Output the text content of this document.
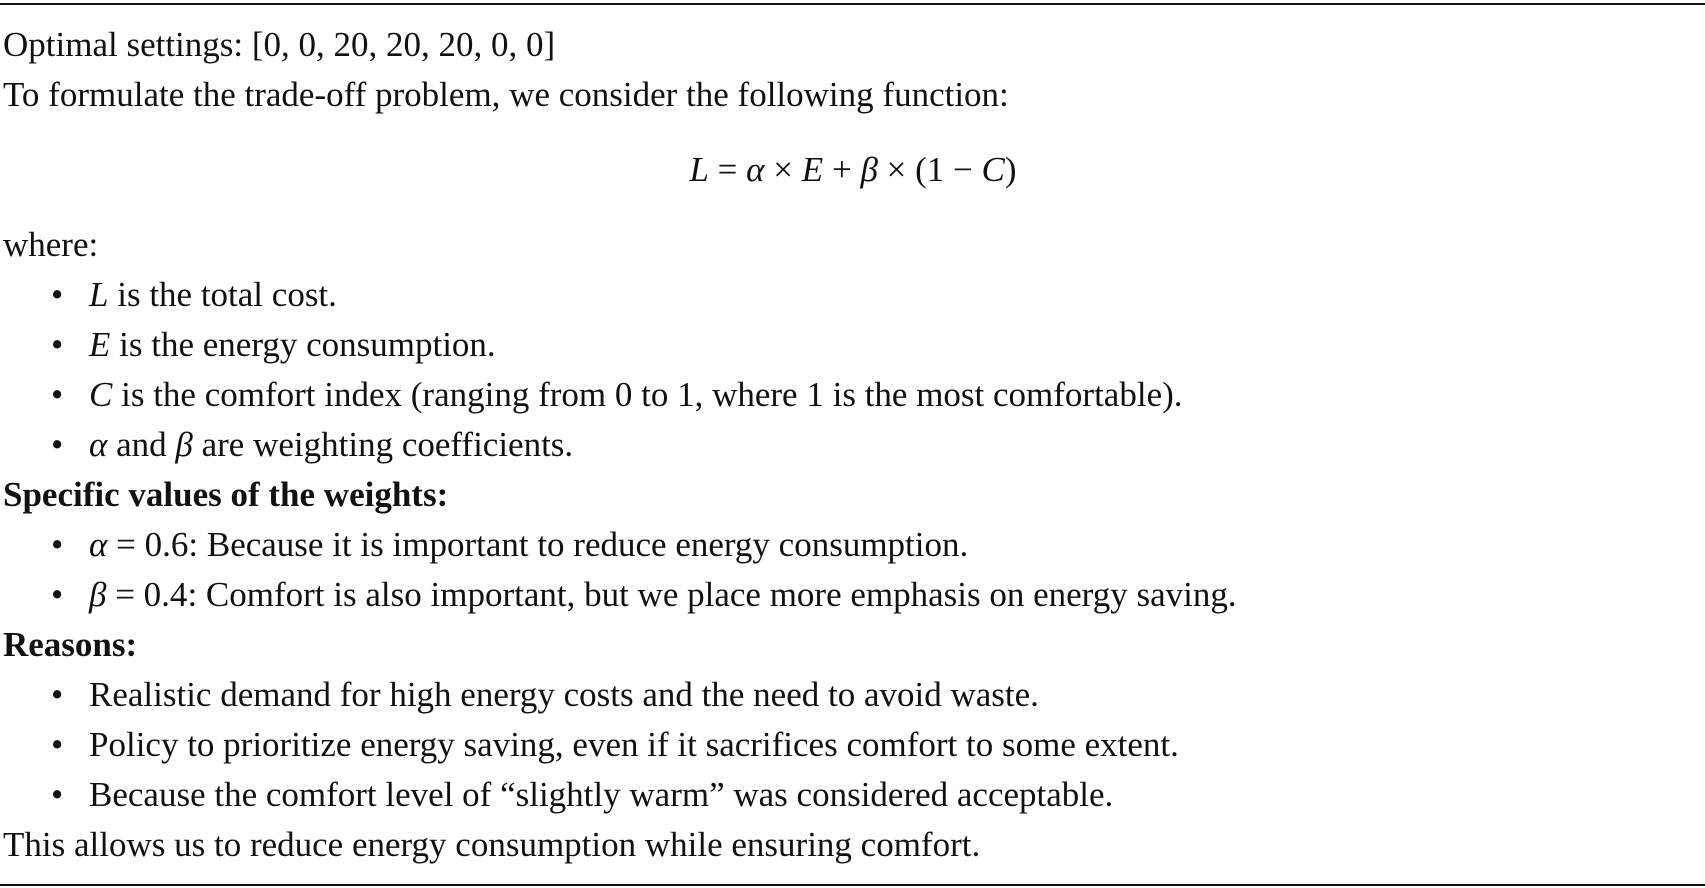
Optimal settings: [0, 0, 20, 20, 20, 0, 0]
To formulate the trade-off problem, we consider the following function:
L = α × E + β × (1 − C)
where:
• L is the total cost.
• E is the energy consumption.
• C is the comfort index (ranging from 0 to 1, where 1 is the most comfortable).
• α and β are weighting coefficients.
Specific values of the weights:
• α = 0.6: Because it is important to reduce energy consumption.
• β = 0.4: Comfort is also important, but we place more emphasis on energy saving.
Reasons:
• Realistic demand for high energy costs and the need to avoid waste.
• Policy to prioritize energy saving, even if it sacrifices comfort to some extent.
• Because the comfort level of “slightly warm” was considered acceptable.
This allows us to reduce energy consumption while ensuring comfort.
